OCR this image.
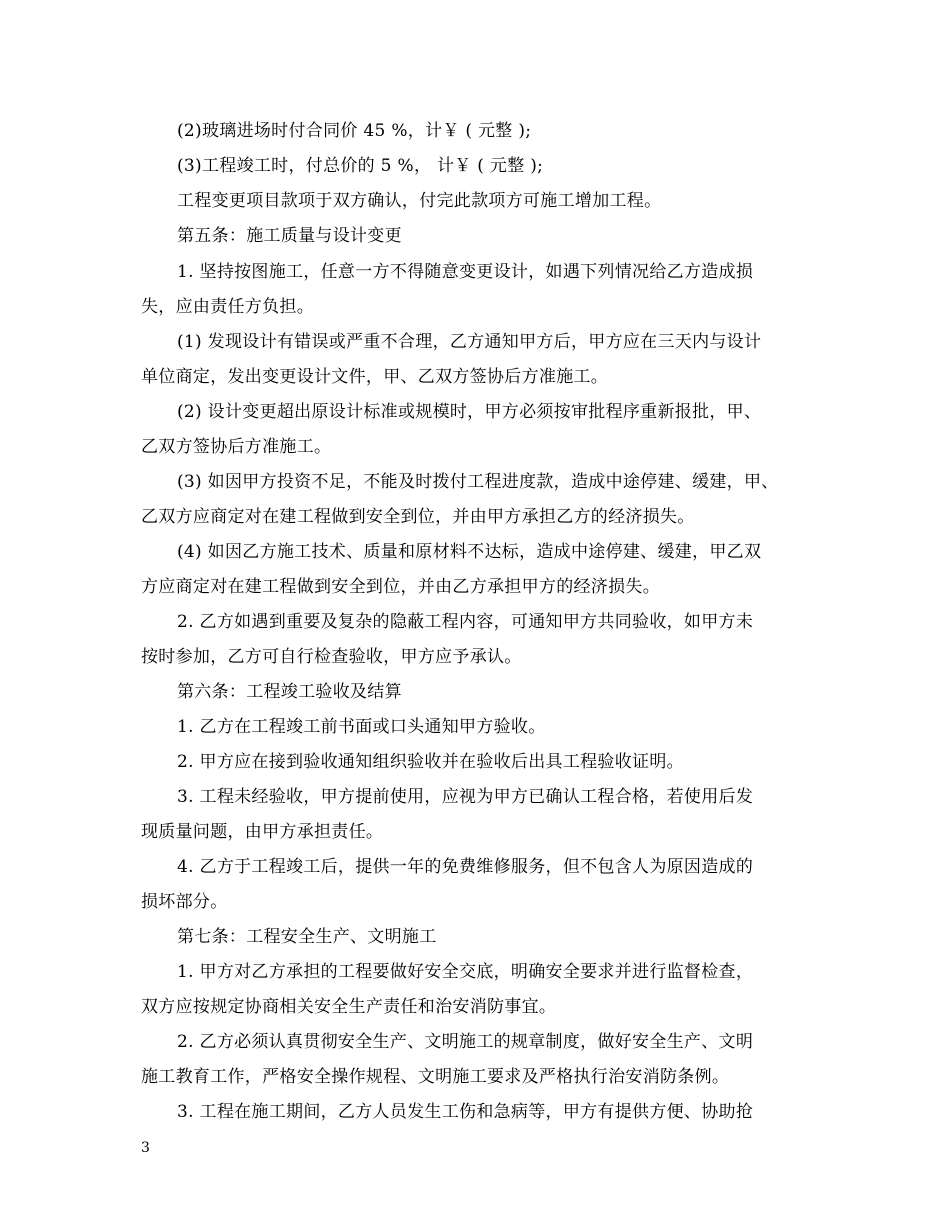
(2)玻璃进场时付合同价 45 %，计￥ ( 元整 );
(3)工程竣工时，付总价的 5 %， 计￥ ( 元整 );
工程变更项目款项于双方确认，付完此款项方可施工增加工程。
第五条：施工质量与设计变更
1. 坚持按图施工，任意一方不得随意变更设计，如遇下列情况给乙方造成损
失，应由责任方负担。
(1) 发现设计有错误或严重不合理，乙方通知甲方后，甲方应在三天内与设计
单位商定，发出变更设计文件，甲、乙双方签协后方准施工。
(2) 设计变更超出原设计标准或规模时，甲方必须按审批程序重新报批，甲、
乙双方签协后方准施工。
(3) 如因甲方投资不足，不能及时拨付工程进度款，造成中途停建、缓建，甲、
乙双方应商定对在建工程做到安全到位，并由甲方承担乙方的经济损失。
(4) 如因乙方施工技术、质量和原材料不达标，造成中途停建、缓建，甲乙双
方应商定对在建工程做到安全到位，并由乙方承担甲方的经济损失。
2. 乙方如遇到重要及复杂的隐蔽工程内容，可通知甲方共同验收，如甲方未
按时参加，乙方可自行检查验收，甲方应予承认。
第六条：工程竣工验收及结算
1. 乙方在工程竣工前书面或口头通知甲方验收。
2. 甲方应在接到验收通知组织验收并在验收后出具工程验收证明。
3. 工程未经验收，甲方提前使用，应视为甲方已确认工程合格，若使用后发
现质量问题，由甲方承担责任。
4. 乙方于工程竣工后，提供一年的免费维修服务，但不包含人为原因造成的
损坏部分。
第七条：工程安全生产、文明施工
1. 甲方对乙方承担的工程要做好安全交底，明确安全要求并进行监督检查，
双方应按规定协商相关安全生产责任和治安消防事宜。
2. 乙方必须认真贯彻安全生产、文明施工的规章制度，做好安全生产、文明
施工教育工作，严格安全操作规程、文明施工要求及严格执行治安消防条例。
3. 工程在施工期间，乙方人员发生工伤和急病等，甲方有提供方便、协助抢
3
